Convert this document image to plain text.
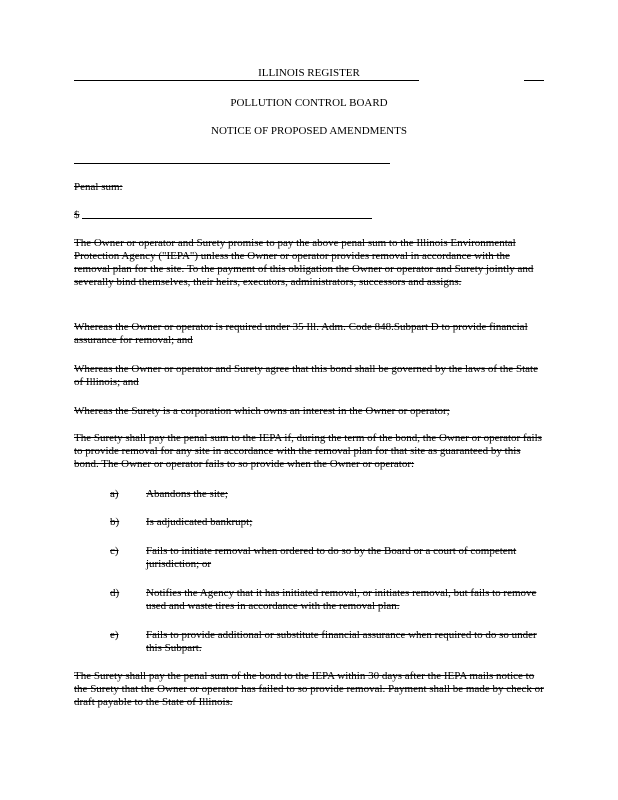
ILLINOIS REGISTER
POLLUTION CONTROL BOARD
NOTICE OF PROPOSED AMENDMENTS
Penal sum:
$
The Owner or operator and Surety promise to pay the above penal sum to the Illinois Environmental Protection Agency ("IEPA") unless the Owner or operator provides removal in accordance with the removal plan for the site. To the payment of this obligation the Owner or operator and Surety jointly and severally bind themselves, their heirs, executors, administrators, successors and assigns.
Whereas the Owner or operator is required under 35 Ill. Adm. Code 848.Subpart D to provide financial assurance for removal; and
Whereas the Owner or operator and Surety agree that this bond shall be governed by the laws of the State of Illinois; and
Whereas the Surety is a corporation which owns an interest in the Owner or operator;
The Surety shall pay the penal sum to the IEPA if, during the term of the bond, the Owner or operator fails to provide removal for any site in accordance with the removal plan for that site as guaranteed by this bond. The Owner or operator fails to so provide when the Owner or operator:
a) Abandons the site;
b) Is adjudicated bankrupt;
c) Fails to initiate removal when ordered to do so by the Board or a court of competent jurisdiction; or
d) Notifies the Agency that it has initiated removal, or initiates removal, but fails to remove used and waste tires in accordance with the removal plan.
e) Fails to provide additional or substitute financial assurance when required to do so under this Subpart.
The Surety shall pay the penal sum of the bond to the IEPA within 30 days after the IEPA mails notice to the Surety that the Owner or operator has failed to so provide removal. Payment shall be made by check or draft payable to the State of Illinois.
